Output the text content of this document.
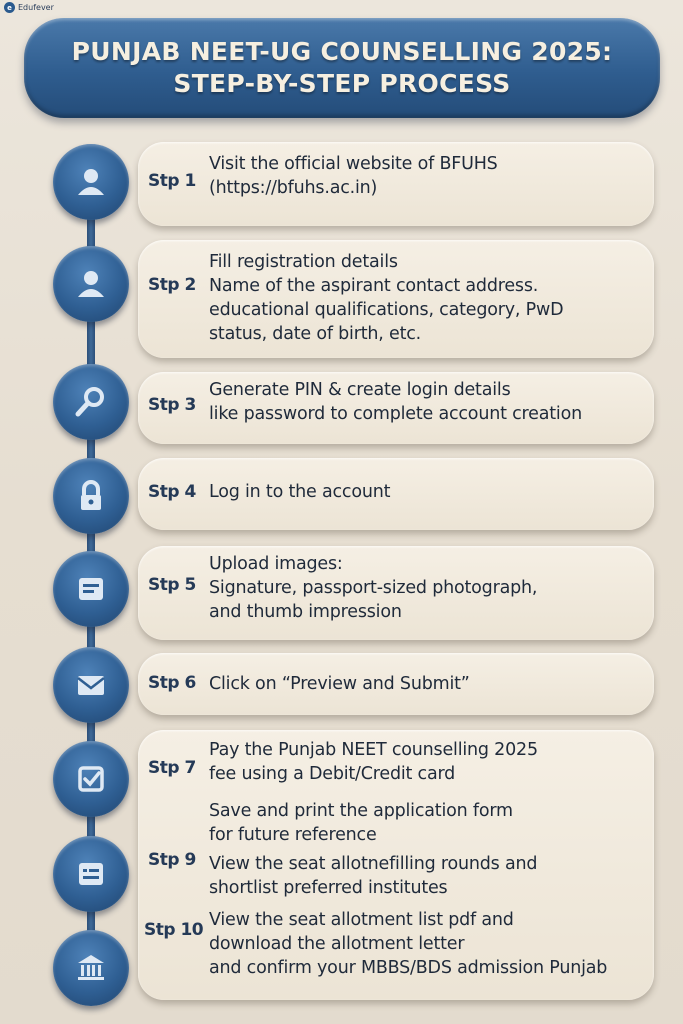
e Edufever
PUNJAB NEET-UG COUNSELLING 2025:
STEP-BY-STEP PROCESS
Stp 1
Stp 2
Stp 3
Stp 4
Stp 5
Stp 6
Stp 7
Stp 9
Stp 10
Visit the official website of BFUHS
(https://bfuhs.ac.in)
Fill registration details
Name of the aspirant contact address.
educational qualifications, category, PwD
status, date of birth, etc.
Generate PIN & create login details
like password to complete account creation
Log in to the account
Upload images:
Signature, passport-sized photograph,
and thumb impression
Click on “Preview and Submit”
Pay the Punjab NEET counselling 2025
fee using a Debit/Credit card
Save and print the application form
for future reference
View the seat allotnefilling rounds and
shortlist preferred institutes
View the seat allotment list pdf and
download the allotment letter
and confirm your MBBS/BDS admission Punjab
